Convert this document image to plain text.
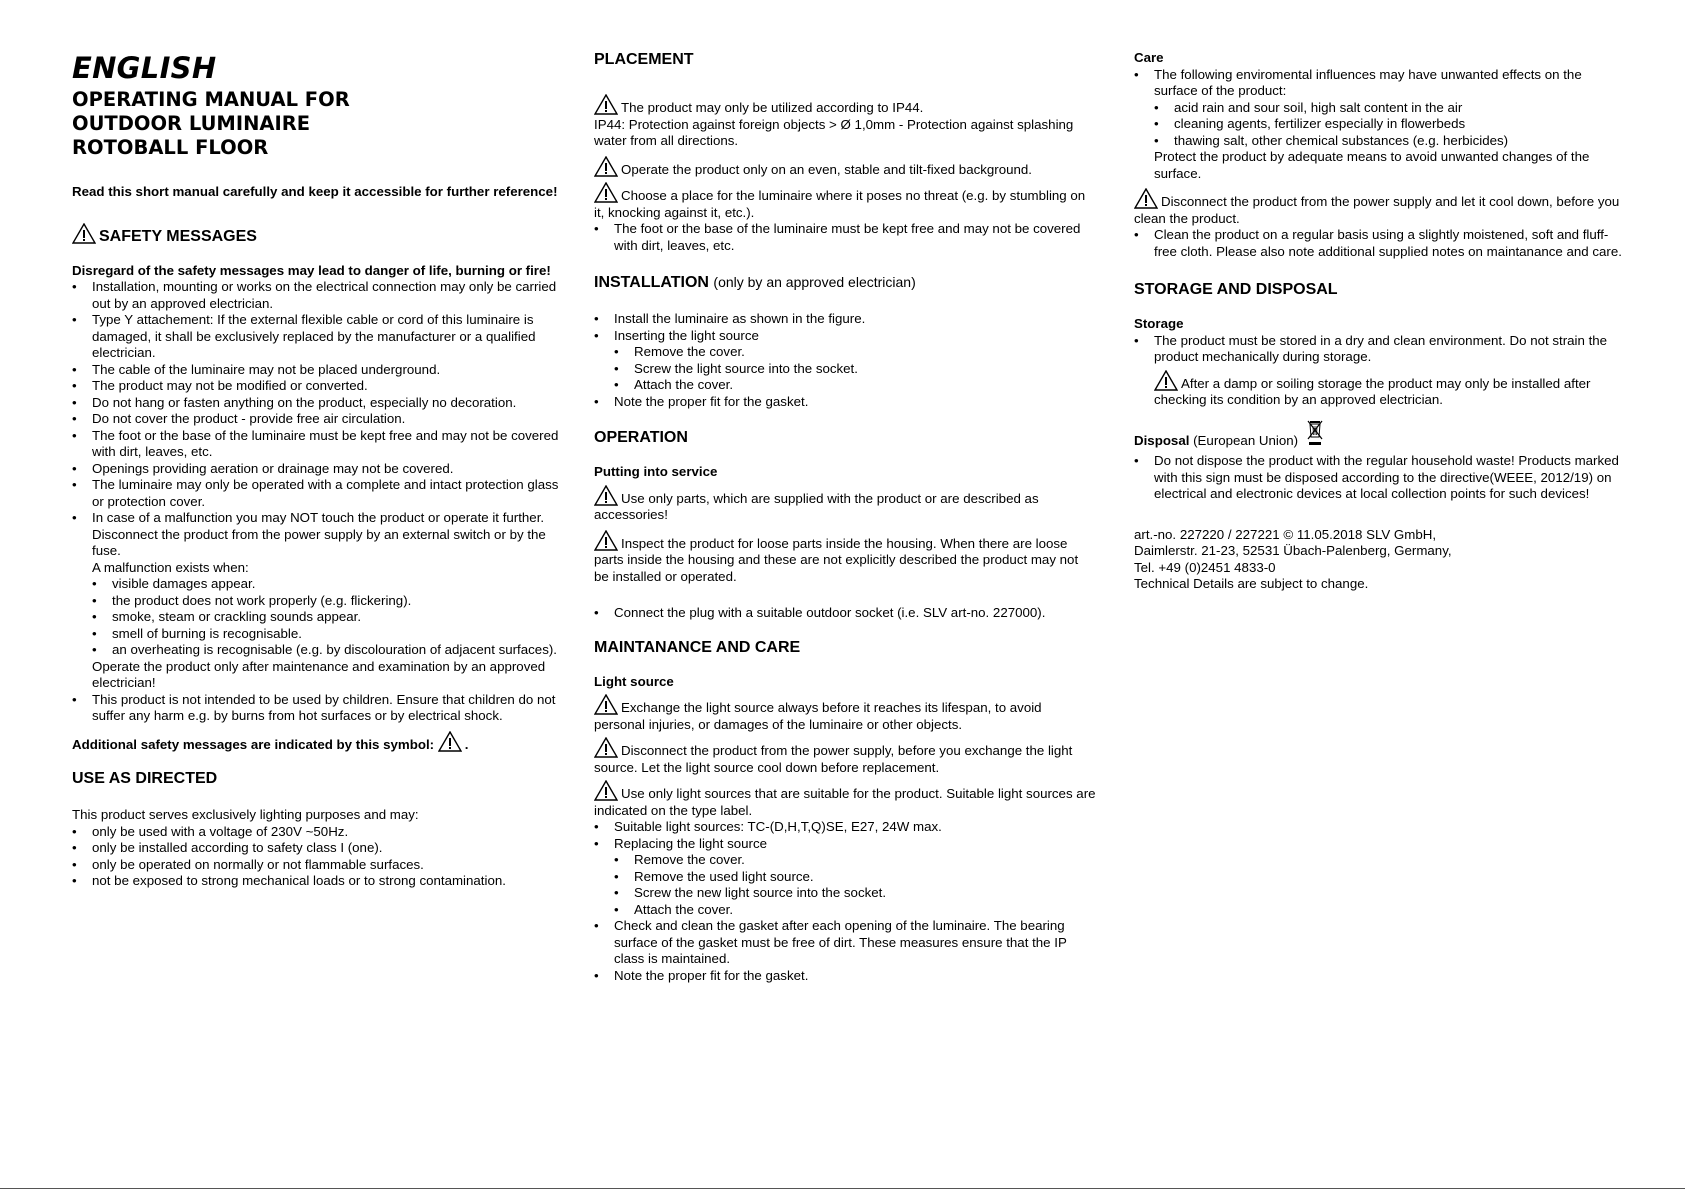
ENGLISH
OPERATING MANUAL FOR
OUTDOOR LUMINAIRE
ROTOBALL FLOOR

Read this short manual carefully and keep it accessible for further reference!

SAFETY MESSAGES

Disregard of the safety messages may lead to danger of life, burning or fire!

• Installation, mounting or works on the electrical connection may only be carried out by an approved electrician.
• Type Y attachement: If the external flexible cable or cord of this luminaire is damaged, it shall be exclusively replaced by the manufacturer or a qualified electrician.
• The cable of the luminaire may not be placed underground.
• The product may not be modified or converted.
• Do not hang or fasten anything on the product, especially no decoration.
• Do not cover the product - provide free air circulation.
• The foot or the base of the luminaire must be kept free and may not be covered with dirt, leaves, etc.
• Openings providing aeration or drainage may not be covered.
• The luminaire may only be operated with a complete and intact protection glass or protection cover.
• In case of a malfunction you may NOT touch the product or operate it further. Disconnect the product from the power supply by an external switch or by the fuse.
A malfunction exists when:
• visible damages appear.
• the product does not work properly (e.g. flickering).
• smoke, steam or crackling sounds appear.
• smell of burning is recognisable.
• an overheating is recognisable (e.g. by discolouration of adjacent surfaces).
Operate the product only after maintenance and examination by an approved electrician!
• This product is not intended to be used by children. Ensure that children do not suffer any harm e.g. by burns from hot surfaces or by electrical shock.

Additional safety messages are indicated by this symbol: .

USE AS DIRECTED

This product serves exclusively lighting purposes and may:

• only be used with a voltage of 230V ~50Hz.
• only be installed according to safety class I (one).
• only be operated on normally or not flammable surfaces.
• not be exposed to strong mechanical loads or to strong contamination.

PLACEMENT

The product may only be utilized according to IP44.

IP44: Protection against foreign objects > Ø 1,0mm - Protection against splashing water from all directions.

Operate the product only on an even, stable and tilt-fixed background.

Choose a place for the luminaire where it poses no threat (e.g. by stumbling on it, knocking against it, etc.).

• The foot or the base of the luminaire must be kept free and may not be covered with dirt, leaves, etc.

INSTALLATION (only by an approved electrician)

• Install the luminaire as shown in the figure.
• Inserting the light source
• Remove the cover.
• Screw the light source into the socket.
• Attach the cover.
• Note the proper fit for the gasket.

OPERATION

Putting into service

Use only parts, which are supplied with the product or are described as accessories!

Inspect the product for loose parts inside the housing. When there are loose parts inside the housing and these are not explicitly described the product may not be installed or operated.

• Connect the plug with a suitable outdoor socket (i.e. SLV art-no. 227000).

MAINTANANCE AND CARE

Light source

Exchange the light source always before it reaches its lifespan, to avoid personal injuries, or damages of the luminaire or other objects.

Disconnect the product from the power supply, before you exchange the light source. Let the light source cool down before replacement.

Use only light sources that are suitable for the product. Suitable light sources are indicated on the type label.

• Suitable light sources: TC-(D,H,T,Q)SE, E27, 24W max.
• Replacing the light source
• Remove the cover.
• Remove the used light source.
• Screw the new light source into the socket.
• Attach the cover.
• Check and clean the gasket after each opening of the luminaire. The bearing surface of the gasket must be free of dirt. These measures ensure that the IP class is maintained.
• Note the proper fit for the gasket.

Care

• The following enviromental influences may have unwanted effects on the surface of the product:
• acid rain and sour soil, high salt content in the air
• cleaning agents, fertilizer especially in flowerbeds
• thawing salt, other chemical substances (e.g. herbicides)
Protect the product by adequate means to avoid unwanted changes of the surface.

Disconnect the product from the power supply and let it cool down, before you clean the product.

• Clean the product on a regular basis using a slightly moistened, soft and fluff-free cloth. Please also note additional supplied notes on maintanance and care.

STORAGE AND DISPOSAL

Storage

• The product must be stored in a dry and clean environment. Do not strain the product mechanically during storage.
After a damp or soiling storage the product may only be installed after checking its condition by an approved electrician.

Disposal (European Union)

• Do not dispose the product with the regular household waste! Products marked with this sign must be disposed according to the directive(WEEE, 2012/19) on electrical and electronic devices at local collection points for such devices!

art.-no. 227220 / 227221 © 11.05.2018 SLV GmbH,
Daimlerstr. 21-23, 52531 Übach-Palenberg, Germany,
Tel. +49 (0)2451 4833-0
Technical Details are subject to change.
